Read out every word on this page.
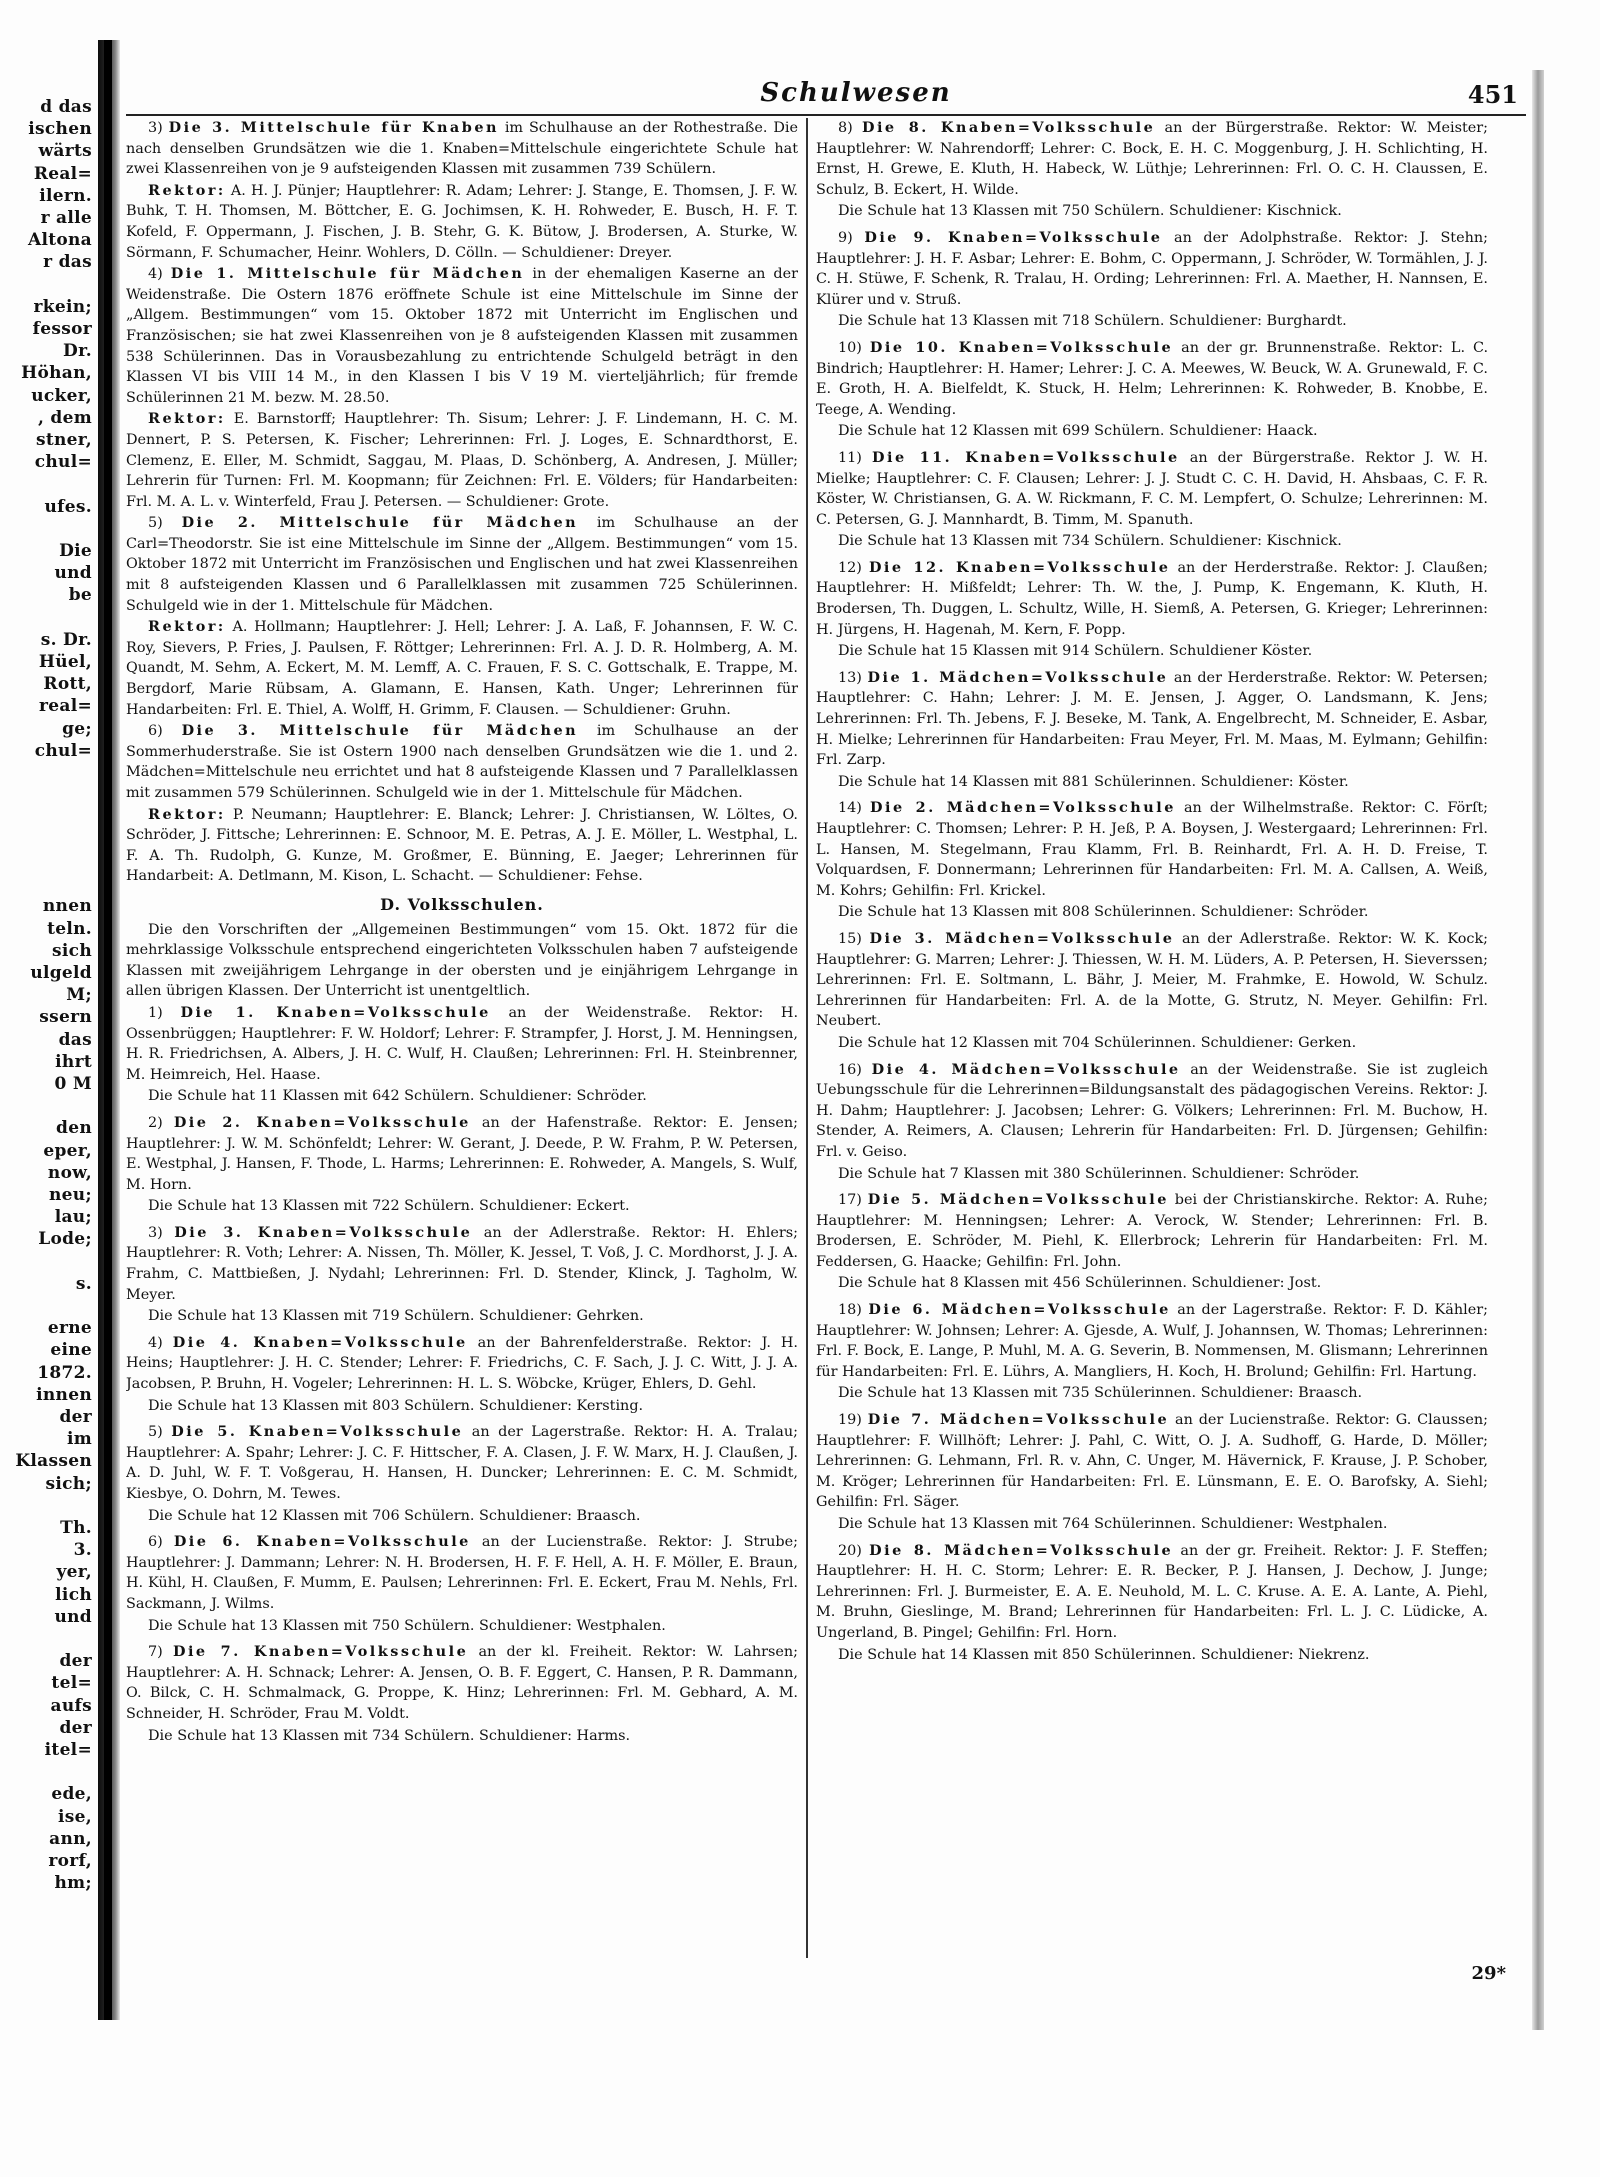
d das
ischen
wärts
Real=
ilern.
r alle
Altona
r das

rkein;
fessor
Dr.
Höhan,
ucker,
, dem
stner,
chul=

ufes.

Die
und
be

s. Dr.
Hüel,
Rott,
real=
ge;
chul=

nnen
teln.
sich
ulgeld
M;
ssern
das
ihrt
0 M

den
eper,
now,
neu;
lau;
Lode;

s.

erne
eine
1872.
innen
der
im
Klassen
sich;

Th.
3.
yer,
lich
und

der
tel=
aufs
der
itel=

ede,
ise,
ann,
rorf,
hm;
Schulwesen	451

3) Die 3. Mittelschule für Knaben im Schulhause an der Rothestraße. Die nach denselben Grundsätzen wie die 1. Knaben=Mittelschule eingerichtete Schule hat zwei Klassenreihen von je 9 aufsteigenden Klassen mit zusammen 739 Schülern.

Rektor: A. H. J. Pünjer; Hauptlehrer: R. Adam; Lehrer: J. Stange, E. Thomsen, J. F. W. Buhk, T. H. Thomsen, M. Böttcher, E. G. Jochimsen, K. H. Rohweder, E. Busch, H. F. T. Kofeld, F. Oppermann, J. Fischen, J. B. Stehr, G. K. Bütow, J. Brodersen, A. Sturke, W. Sörmann, F. Schumacher, Heinr. Wohlers, D. Cölln. — Schuldiener: Dreyer.

4) Die 1. Mittelschule für Mädchen in der ehemaligen Kaserne an der Weidenstraße. Die Ostern 1876 eröffnete Schule ist eine Mittelschule im Sinne der „Allgem. Bestimmungen“ vom 15. Oktober 1872 mit Unterricht im Englischen und Französischen; sie hat zwei Klassenreihen von je 8 aufsteigenden Klassen mit zusammen 538 Schülerinnen. Das in Vorausbezahlung zu entrichtende Schulgeld beträgt in den Klassen VI bis VIII 14 M., in den Klassen I bis V 19 M. vierteljährlich; für fremde Schülerinnen 21 M. bezw. M. 28.50.

Rektor: E. Barnstorff; Hauptlehrer: Th. Sisum; Lehrer: J. F. Lindemann, H. C. M. Dennert, P. S. Petersen, K. Fischer; Lehrerinnen: Frl. J. Loges, E. Schnardthorst, E. Clemenz, E. Eller, M. Schmidt, Saggau, M. Plaas, D. Schönberg, A. Andresen, J. Müller; Lehrerin für Turnen: Frl. M. Koopmann; für Zeichnen: Frl. E. Völders; für Handarbeiten: Frl. M. A. L. v. Winterfeld, Frau J. Petersen. — Schuldiener: Grote.

5) Die 2. Mittelschule für Mädchen im Schulhause an der Carl=Theodorstr. Sie ist eine Mittelschule im Sinne der „Allgem. Bestimmungen“ vom 15. Oktober 1872 mit Unterricht im Französischen und Englischen und hat zwei Klassenreihen mit 8 aufsteigenden Klassen und 6 Parallelklassen mit zusammen 725 Schülerinnen. Schulgeld wie in der 1. Mittelschule für Mädchen.

Rektor: A. Hollmann; Hauptlehrer: J. Hell; Lehrer: J. A. Laß, F. Johannsen, F. W. C. Roy, Sievers, P. Fries, J. Paulsen, F. Röttger; Lehrerinnen: Frl. A. J. D. R. Holmberg, A. M. Quandt, M. Sehm, A. Eckert, M. M. Lemff, A. C. Frauen, F. S. C. Gottschalk, E. Trappe, M. Bergdorf, Marie Rübsam, A. Glamann, E. Hansen, Kath. Unger; Lehrerinnen für Handarbeiten: Frl. E. Thiel, A. Wolff, H. Grimm, F. Clausen. — Schuldiener: Gruhn.

6) Die 3. Mittelschule für Mädchen im Schulhause an der Sommerhuderstraße. Sie ist Ostern 1900 nach denselben Grundsätzen wie die 1. und 2. Mädchen=Mittelschule neu errichtet und hat 8 aufsteigende Klassen und 7 Parallelklassen mit zusammen 579 Schülerinnen. Schulgeld wie in der 1. Mittelschule für Mädchen.

Rektor: P. Neumann; Hauptlehrer: E. Blanck; Lehrer: J. Christiansen, W. Löltes, O. Schröder, J. Fittsche; Lehrerinnen: E. Schnoor, M. E. Petras, A. J. E. Möller, L. Westphal, L. F. A. Th. Rudolph, G. Kunze, M. Großmer, E. Bünning, E. Jaeger; Lehrerinnen für Handarbeit: A. Detlmann, M. Kison, L. Schacht. — Schuldiener: Fehse.

D. Volksschulen.

Die den Vorschriften der „Allgemeinen Bestimmungen“ vom 15. Okt. 1872 für die mehrklassige Volksschule entsprechend eingerichteten Volksschulen haben 7 aufsteigende Klassen mit zweijährigem Lehrgange in der obersten und je einjährigem Lehrgange in allen übrigen Klassen. Der Unterricht ist unentgeltlich.

1) Die 1. Knaben=Volksschule an der Weidenstraße. Rektor: H. Ossenbrüggen; Hauptlehrer: F. W. Holdorf; Lehrer: F. Strampfer, J. Horst, J. M. Henningsen, H. R. Friedrichsen, A. Albers, J. H. C. Wulf, H. Claußen; Lehrerinnen: Frl. H. Steinbrenner, M. Heimreich, Hel. Haase.

Die Schule hat 11 Klassen mit 642 Schülern. Schuldiener: Schröder.

2) Die 2. Knaben=Volksschule an der Hafenstraße. Rektor: E. Jensen; Hauptlehrer: J. W. M. Schönfeldt; Lehrer: W. Gerant, J. Deede, P. W. Frahm, P. W. Petersen, E. Westphal, J. Hansen, F. Thode, L. Harms; Lehrerinnen: E. Rohweder, A. Mangels, S. Wulf, M. Horn.

Die Schule hat 13 Klassen mit 722 Schülern. Schuldiener: Eckert.

3) Die 3. Knaben=Volksschule an der Adlerstraße. Rektor: H. Ehlers; Hauptlehrer: R. Voth; Lehrer: A. Nissen, Th. Möller, K. Jessel, T. Voß, J. C. Mordhorst, J. J. A. Frahm, C. Mattbießen, J. Nydahl; Lehrerinnen: Frl. D. Stender, Klinck, J. Tagholm, W. Meyer.

Die Schule hat 13 Klassen mit 719 Schülern. Schuldiener: Gehrken.

4) Die 4. Knaben=Volksschule an der Bahrenfelderstraße. Rektor: J. H. Heins; Hauptlehrer: J. H. C. Stender; Lehrer: F. Friedrichs, C. F. Sach, J. J. C. Witt, J. J. A. Jacobsen, P. Bruhn, H. Vogeler; Lehrerinnen: H. L. S. Wöbcke, Krüger, Ehlers, D. Gehl.

Die Schule hat 13 Klassen mit 803 Schülern. Schuldiener: Kersting.

5) Die 5. Knaben=Volksschule an der Lagerstraße. Rektor: H. A. Tralau; Hauptlehrer: A. Spahr; Lehrer: J. C. F. Hittscher, F. A. Clasen, J. F. W. Marx, H. J. Claußen, J. A. D. Juhl, W. F. T. Voßgerau, H. Hansen, H. Duncker; Lehrerinnen: E. C. M. Schmidt, Kiesbye, O. Dohrn, M. Tewes.

Die Schule hat 12 Klassen mit 706 Schülern. Schuldiener: Braasch.

6) Die 6. Knaben=Volksschule an der Lucienstraße. Rektor: J. Strube; Hauptlehrer: J. Dammann; Lehrer: N. H. Brodersen, H. F. F. Hell, A. H. F. Möller, E. Braun, H. Kühl, H. Claußen, F. Mumm, E. Paulsen; Lehrerinnen: Frl. E. Eckert, Frau M. Nehls, Frl. Sackmann, J. Wilms.

Die Schule hat 13 Klassen mit 750 Schülern. Schuldiener: Westphalen.

7) Die 7. Knaben=Volksschule an der kl. Freiheit. Rektor: W. Lahrsen; Hauptlehrer: A. H. Schnack; Lehrer: A. Jensen, O. B. F. Eggert, C. Hansen, P. R. Dammann, O. Bilck, C. H. Schmalmack, G. Proppe, K. Hinz; Lehrerinnen: Frl. M. Gebhard, A. M. Schneider, H. Schröder, Frau M. Voldt.

Die Schule hat 13 Klassen mit 734 Schülern. Schuldiener: Harms.

8) Die 8. Knaben=Volksschule an der Bürgerstraße. Rektor: W. Meister; Hauptlehrer: W. Nahrendorff; Lehrer: C. Bock, E. H. C. Moggenburg, J. H. Schlichting, H. Ernst, H. Grewe, E. Kluth, H. Habeck, W. Lüthje; Lehrerinnen: Frl. O. C. H. Claussen, E. Schulz, B. Eckert, H. Wilde.

Die Schule hat 13 Klassen mit 750 Schülern. Schuldiener: Kischnick.

9) Die 9. Knaben=Volksschule an der Adolphstraße. Rektor: J. Stehn; Hauptlehrer: J. H. F. Asbar; Lehrer: E. Bohm, C. Oppermann, J. Schröder, W. Tormählen, J. J. C. H. Stüwe, F. Schenk, R. Tralau, H. Ording; Lehrerinnen: Frl. A. Maether, H. Nannsen, E. Klürer und v. Struß.

Die Schule hat 13 Klassen mit 718 Schülern. Schuldiener: Burghardt.

10) Die 10. Knaben=Volksschule an der gr. Brunnenstraße. Rektor: L. C. Bindrich; Hauptlehrer: H. Hamer; Lehrer: J. C. A. Meewes, W. Beuck, W. A. Grunewald, F. C. E. Groth, H. A. Bielfeldt, K. Stuck, H. Helm; Lehrerinnen: K. Rohweder, B. Knobbe, E. Teege, A. Wending.

Die Schule hat 12 Klassen mit 699 Schülern. Schuldiener: Haack.

11) Die 11. Knaben=Volksschule an der Bürgerstraße. Rektor J. W. H. Mielke; Hauptlehrer: C. F. Clausen; Lehrer: J. J. Studt C. C. H. David, H. Ahsbaas, C. F. R. Köster, W. Christiansen, G. A. W. Rickmann, F. C. M. Lempfert, O. Schulze; Lehrerinnen: M. C. Petersen, G. J. Mannhardt, B. Timm, M. Spanuth.

Die Schule hat 13 Klassen mit 734 Schülern. Schuldiener: Kischnick.

12) Die 12. Knaben=Volksschule an der Herderstraße. Rektor: J. Claußen; Hauptlehrer: H. Mißfeldt; Lehrer: Th. W. the, J. Pump, K. Engemann, K. Kluth, H. Brodersen, Th. Duggen, L. Schultz, Wille, H. Siemß, A. Petersen, G. Krieger; Lehrerinnen: H. Jürgens, H. Hagenah, M. Kern, F. Popp.

Die Schule hat 15 Klassen mit 914 Schülern. Schuldiener Köster.

13) Die 1. Mädchen=Volksschule an der Herderstraße. Rektor: W. Petersen; Hauptlehrer: C. Hahn; Lehrer: J. M. E. Jensen, J. Agger, O. Landsmann, K. Jens; Lehrerinnen: Frl. Th. Jebens, F. J. Beseke, M. Tank, A. Engelbrecht, M. Schneider, E. Asbar, H. Mielke; Lehrerinnen für Handarbeiten: Frau Meyer, Frl. M. Maas, M. Eylmann; Gehilfin: Frl. Zarp.

Die Schule hat 14 Klassen mit 881 Schülerinnen. Schuldiener: Köster.

14) Die 2. Mädchen=Volksschule an der Wilhelmstraße. Rektor: C. Förſt; Hauptlehrer: C. Thomsen; Lehrer: P. H. Jeß, P. A. Boysen, J. Westergaard; Lehrerinnen: Frl. L. Hansen, M. Stegelmann, Frau Klamm, Frl. B. Reinhardt, Frl. A. H. D. Freise, T. Volquardsen, F. Donnermann; Lehrerinnen für Handarbeiten: Frl. M. A. Callsen, A. Weiß, M. Kohrs; Gehilfin: Frl. Krickel.

Die Schule hat 13 Klassen mit 808 Schülerinnen. Schuldiener: Schröder.

15) Die 3. Mädchen=Volksschule an der Adlerstraße. Rektor: W. K. Kock; Hauptlehrer: G. Marren; Lehrer: J. Thiessen, W. H. M. Lüders, A. P. Petersen, H. Sieverssen; Lehrerinnen: Frl. E. Soltmann, L. Bähr, J. Meier, M. Frahmke, E. Howold, W. Schulz. Lehrerinnen für Handarbeiten: Frl. A. de la Motte, G. Strutz, N. Meyer. Gehilfin: Frl. Neubert.

Die Schule hat 12 Klassen mit 704 Schülerinnen. Schuldiener: Gerken.

16) Die 4. Mädchen=Volksschule an der Weidenstraße. Sie ist zugleich Uebungsschule für die Lehrerinnen=Bildungsanstalt des pädagogischen Vereins. Rektor: J. H. Dahm; Hauptlehrer: J. Jacobsen; Lehrer: G. Völkers; Lehrerinnen: Frl. M. Buchow, H. Stender, A. Reimers, A. Clausen; Lehrerin für Handarbeiten: Frl. D. Jürgensen; Gehilfin: Frl. v. Geiso.

Die Schule hat 7 Klassen mit 380 Schülerinnen. Schuldiener: Schröder.

17) Die 5. Mädchen=Volksschule bei der Christianskirche. Rektor: A. Ruhe; Hauptlehrer: M. Henningsen; Lehrer: A. Verock, W. Stender; Lehrerinnen: Frl. B. Brodersen, E. Schröder, M. Piehl, K. Ellerbrock; Lehrerin für Handarbeiten: Frl. M. Feddersen, G. Haacke; Gehilfin: Frl. John.

Die Schule hat 8 Klassen mit 456 Schülerinnen. Schuldiener: Jost.

18) Die 6. Mädchen=Volksschule an der Lagerstraße. Rektor: F. D. Kähler; Hauptlehrer: W. Johnsen; Lehrer: A. Gjesde, A. Wulf, J. Johannsen, W. Thomas; Lehrerinnen: Frl. F. Bock, E. Lange, P. Muhl, M. A. G. Severin, B. Nommensen, M. Glismann; Lehrerinnen für Handarbeiten: Frl. E. Lührs, A. Mangliers, H. Koch, H. Brolund; Gehilfin: Frl. Hartung.

Die Schule hat 13 Klassen mit 735 Schülerinnen. Schuldiener: Braasch.

19) Die 7. Mädchen=Volksschule an der Lucienstraße. Rektor: G. Claussen; Hauptlehrer: F. Willhöft; Lehrer: J. Pahl, C. Witt, O. J. A. Sudhoff, G. Harde, D. Möller; Lehrerinnen: G. Lehmann, Frl. R. v. Ahn, C. Unger, M. Hävernick, F. Krause, J. P. Schober, M. Kröger; Lehrerinnen für Handarbeiten: Frl. E. Lünsmann, E. E. O. Barofsky, A. Siehl; Gehilfin: Frl. Säger.

Die Schule hat 13 Klassen mit 764 Schülerinnen. Schuldiener: Westphalen.

20) Die 8. Mädchen=Volksschule an der gr. Freiheit. Rektor: J. F. Steffen; Hauptlehrer: H. H. C. Storm; Lehrer: E. R. Becker, P. J. Hansen, J. Dechow, J. Junge; Lehrerinnen: Frl. J. Burmeister, E. A. E. Neuhold, M. L. C. Kruse. A. E. A. Lante, A. Piehl, M. Bruhn, Gieslinge, M. Brand; Lehrerinnen für Handarbeiten: Frl. L. J. C. Lüdicke, A. Ungerland, B. Pingel; Gehilfin: Frl. Horn.

Die Schule hat 14 Klassen mit 850 Schülerinnen. Schuldiener: Niekrenz.

29*
